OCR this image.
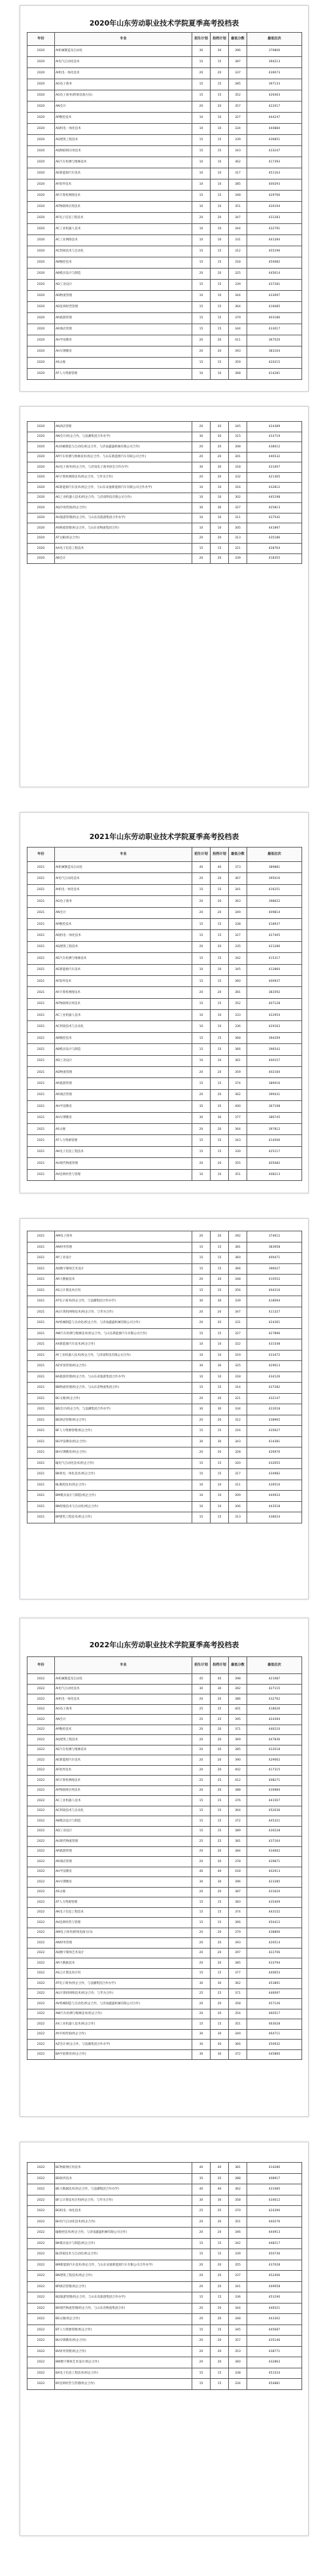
2020年山东劳动职业技术学院夏季高考投档表
年份	专业	招生计划	投档计划	最低分数	最低位次
2020	AI机械制造及自动化	30	30	396	379806
2020	AI电气自动化技术	15	15	387	394213
2020	AI机电一体化技术	20	20	337	439073
2020	AG电子商务	15	15	385	397133
2020	AG电子商务(跨境电商方向)	15	15	352	426463
2020	AN会计	20	20	357	422017
2020	AP数控技术	10	10	327	444247
2020	AQ机电一体化技术	10	10	334	440884
2020	AQ建筑工程技术	15	15	339	436851
2020	AQ物联网应用技术	15	15	343	433247
2020	AE汽车检测与维修技术	10	10	362	417393
2020	AE新能源汽车技术	10	10	317	451163
2020	AF软件技术	10	10	385	400293
2020	AF计算机网络技术	15	15	348	429766
2020	AF物联网应用技术	10	10	351	426194
2020	AF电子信息工程技术	20	20	347	431283
2020	AC工业机器人技术	10	10	344	432791
2020	AC工业网络技术	10	10	331	441284
2020	AC焊接技术与自动化	15	15	312	455196
2020	AB数控技术	15	15	318	450082
2020	AB模具设计与制造	20	20	325	445614
2020	AD工业设计	15	15	339	437281
2020	AD物流管理	10	10	344	433097
2020	AD连锁经营管理	15	15	364	416085
2020	AR旅游管理	15	15	379	403186
2020	AR酒店管理	15	15	344	433017
2020	AH学前教育	20	20	411	367520
2020	AH早期教育	20	20	393	383104
2020	AS文秘	15	15	359	420215
2020	AT人力资源管理	10	10	368	414281
2020	AK酒店管理	20	20	345	424389
2020	AN会计(校企合作，与浪潮集团合作办学)	30	30	315	433719
2020	AL机械制造与自动化(校企合作，与济南鑫盛机械有限公司合作)	20	20	308	438012
2020	AP汽车检测与维修技术(校企合作，与山东新能源汽车有限公司合作)	20	20	301	446532
2020	AU电子商务(校企合作，与济南电子商务协会合作办学)	30	30	318	431007
2020	AF计算机网络技术(校企合作，与华为合作)	20	20	332	421365
2020	AE新能源汽车技术(校企合作，与山东安驰新能源汽车有限公司合作办学)	10	10	316	432812
2020	AG工业机器人技术(校企合作，与济南科技有限公司合作)	10	10	302	445198
2020	AQ市场营销(校企合作)	30	30	327	425813
2020	AH旅游管理(校企合作，与山东省旅游集团合作办学)	10	10	311	437542
2020	AS物流管理(校企合作，与山东省物流集团合作)	10	10	305	441897
2020	AT文秘(校企合作)	20	20	313	435186
2020	AA电子信息工程技术	15	15	321	428764
2020	AB会计	20	20	339	418355
2021年山东劳动职业技术学院夏季高考投档表
年份	专业	招生计划	投档计划	最低分数	最低位次
2021	AI机械制造及自动化	40	40	373	389881
2021	AI电气自动化技术	20	20	367	395016
2021	AI机电一体化技术	15	15	341	416251
2021	AG电子商务	20	20	363	398622
2021	AN会计	20	20	349	409814
2021	AP数控技术	15	15	338	418937
2021	AQ机电一体化技术	15	15	327	427405
2021	AQ建筑工程技术	20	20	335	421286
2021	AE汽车检测与维修技术	15	15	342	415317
2021	AE新能源汽车技术	10	10	345	412860
2021	AF软件技术	15	15	360	400937
2021	AF计算机网络技术	20	20	381	383592
2021	AF物联网应用技术	15	15	352	407128
2021	AC工业机器人技术	10	10	333	422954
2021	AC焊接技术与自动化	10	10	336	420163
2021	AB数控技术	15	15	368	394209
2021	AB模具设计与制造	15	15	366	396542
2021	AD工业设计	10	10	361	400157
2021	AD物流管理	20	20	359	402184
2021	AR旅游管理	15	15	374	389016
2021	AR酒店管理	20	20	362	399431
2021	AH学前教育	35	35	400	367198
2021	AH早期教育	30	30	377	386745
2021	AS文秘	20	20	364	397812
2021	AT人力资源管理	15	15	343	414506
2021	AK电子信息工程技术	15	15	330	425117
2021	AU现代物流管理	20	20	355	405082
2021	AV连锁经营与管理	10	10	351	408213
2021	AM电子商务	20	20	392	374612
2021	AN财务管理	15	15	381	383958
2021	AP工业设计	15	15	360	400471
2021	AQ数字媒体艺术设计	15	15	366	396027
2021	AR大数据技术	20	20	348	410552
2021	AS云计算技术应用	15	15	356	404216
2021	AT电子商务(校企合作，与浪潮集团合作办学)	30	30	339	418094
2021	AU计算机网络技术(校企合作，与华为合作)	20	20	347	411327
2021	AV机械制造与自动化(校企合作，与济南鑫盛机械有限公司合作)	20	20	331	424361
2021	AW汽车检测与维修技术(校企合作，与山东新能源汽车有限公司合作)	15	15	327	427896
2021	AX新能源汽车技术(校企合作)	10	10	322	431548
2021	AY工业机器人技术(校企合作，与济南科技有限公司合作)	10	10	319	433472
2021	AZ市场营销(校企合作)	30	30	325	429013
2021	BA旅游管理(校企合作，与山东省旅游集团合作办学)	10	10	318	434126
2021	BB物流管理(校企合作，与山东省物流集团合作)	15	15	314	437282
2021	BC文秘(校企合作)	20	20	321	432147
2021	BD会计(校企合作，与浪潮集团合作办学)	30	30	334	422018
2021	BE酒店管理(校企合作)	20	20	312	438965
2021	BF人力资源管理(校企合作)	15	15	316	435627
2021	BG学前教育(校企合作)	30	30	343	414381
2021	BH早期教育(校企合作)	20	20	328	426970
2021	BJ电气自动化技术(校企合作)	15	15	320	432655
2021	BK机电一体化技术(校企合作)	15	15	317	434982
2021	BL数控技术(校企合作)	10	10	311	439516
2021	BM模具设计与制造(校企合作)	10	10	309	440933
2021	BN焊接技术与自动化(校企合作)	10	10	306	443518
2021	BP建筑工程技术(校企合作)	15	15	313	438024
2022年山东劳动职业技术学院夏季高考投档表
年份	专业	招生计划	投档计划	最低分数	最低位次
2022	AI机械制造及自动化	45	45	398	421087
2022	AI电气自动化技术	30	30	392	427115
2022	AI机电一体化技术	20	20	386	432762
2022	AG电子商务	25	25	401	418026
2022	AN会计	25	25	395	424394
2022	AP数控技术	20	20	371	446210
2022	AQ建筑工程技术	20	20	369	447836
2022	AE汽车检测与维修技术	20	20	385	433518
2022	AE新能源汽车技术	20	20	390	429062
2022	AF软件技术	20	20	402	417315
2022	AF计算机网络技术	25	25	412	408271
2022	AF物联网应用技术	20	20	388	430984
2022	AC工业机器人技术	15	15	376	441507
2022	AC焊接技术与自动化	15	15	364	452036
2022	AB模具设计与制造	15	15	372	445321
2022	AD工业设计	15	15	389	430228
2022	AU现代物流管理	25	25	381	437164
2022	AR旅游管理	20	20	384	434602
2022	AR酒店管理	20	20	378	439871
2022	AH学前教育	40	40	418	402913
2022	AH早期教育	30	30	396	423385
2022	AS文秘	20	20	387	431620
2022	AT人力资源管理	15	15	383	435409
2022	AK电子信息工程技术	15	15	374	443152
2022	AV连锁经营与管理	15	15	366	450412
2022	AM电子商务(跨境电商方向)	20	20	379	438806
2022	AN财务管理	20	20	393	426514
2022	AQ数字媒体艺术设计	20	20	397	422706
2022	AR大数据技术	20	20	385	433794
2022	AS云计算技术应用	15	15	377	440653
2022	AT电子商务(校企合作，与浪潮集团合作办学)	30	30	362	453891
2022	AU计算机网络技术(校企合作，与华为合作)	25	25	371	446097
2022	AV机械制造与自动化(校企合作，与济南鑫盛机械有限公司合作)	20	20	358	457126
2022	AW汽车检测与维修技术(校企合作)	20	20	354	460517
2022	AX工业机器人技术(校企合作)	15	15	351	463028
2022	AY市场营销(校企合作)	30	30	349	464711
2022	AZ会计(校企合作，与浪潮集团合作办学)	30	30	366	450932
2022	BA学前教育(校企合作)	30	30	372	445860
2022	BC物联网应用技术	40	40	381	414280
2022	BD软件技术	35	35	388	408917
2022	BE大数据技术(校企合作，与浪潮集团合作办学)	40	40	362	431085
2022	BF云计算技术应用(校企合作，与华为合作)	30	30	358	434612
2022	BG机电一体化技术	25	25	370	424390
2022	BH电气自动化技术(校企合作)	20	20	351	440276
2022	BJ数控技术(校企合作，与济南鑫盛机械有限公司合作)	20	20	346	444913
2022	BK模具设计与制造(校企合作)	15	15	342	448217
2022	BL焊接技术与自动化(校企合作)	15	15	339	450736
2022	BM新能源汽车技术(校企合作，与山东安驰新能源汽车有限公司合作办学)	20	20	355	437028
2022	BN建筑工程技术(校企合作)	20	20	337	452406
2022	BP酒店管理(校企合作)	20	20	341	449058
2022	BQ旅游管理(校企合作，与山东省旅游集团合作办学)	15	15	336	453190
2022	BR现代物流管理(校企合作，与山东省物流集团合作)	20	20	344	446521
2022	BS文秘(校企合作)	20	20	348	443302
2022	BT人力资源管理(校企合作)	15	15	345	445687
2022	BU早期教育(校企合作)	20	20	357	435146
2022	BV财务管理(校企合作)	20	20	353	438771
2022	BW数字媒体艺术设计(校企合作)	20	20	360	432863
2022	BX电子信息工程技术(校企合作)	15	15	338	451524
2022	BY连锁经营与管理(校企合作)	15	15	334	454881
